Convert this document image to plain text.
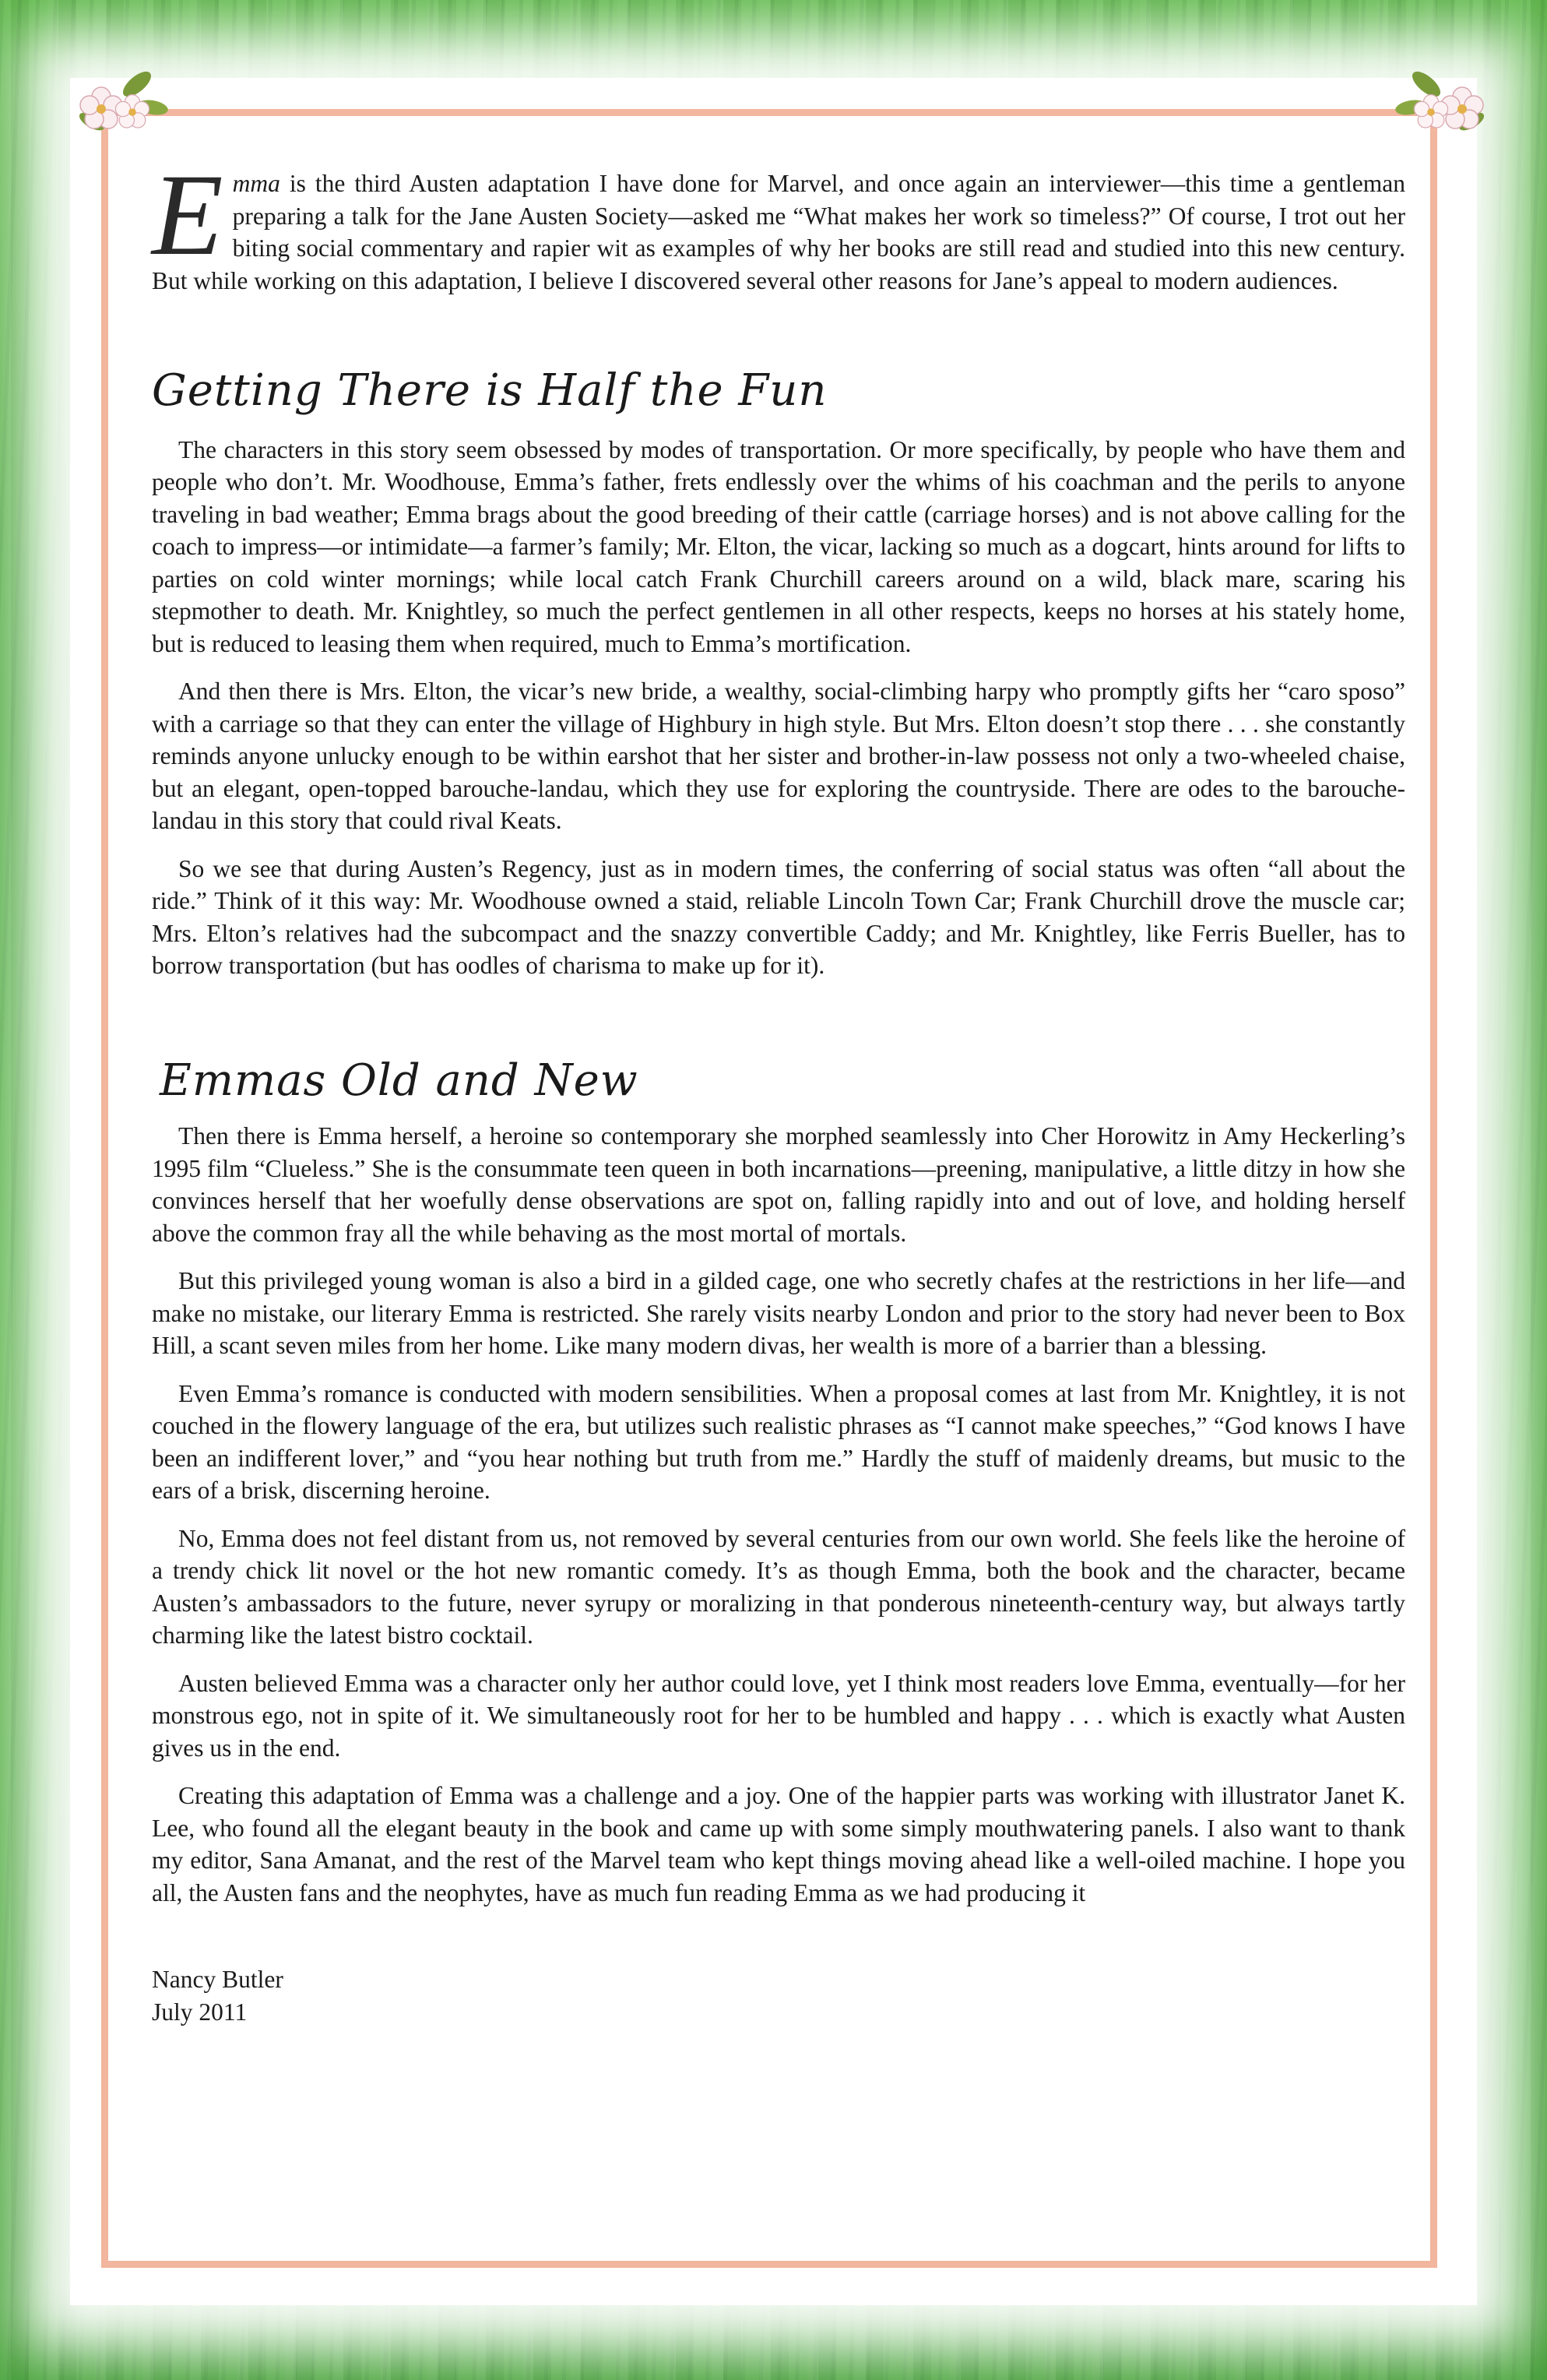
Emma is the third Austen adaptation I have done for Marvel, and once again an interviewer—this time a gentleman preparing a talk for the Jane Austen Society—asked me “What makes her work so timeless?” Of course, I trot out her biting social commentary and rapier wit as examples of why her books are still read and studied into this new century. But while working on this adaptation, I believe I discovered several other reasons for Jane’s appeal to modern audiences.

Getting There is Half the Fun

The characters in this story seem obsessed by modes of transportation. Or more specifically, by people who have them and people who don’t. Mr. Woodhouse, Emma’s father, frets endlessly over the whims of his coachman and the perils to anyone traveling in bad weather; Emma brags about the good breeding of their cattle (carriage horses) and is not above calling for the coach to impress—or intimidate—a farmer’s family; Mr. Elton, the vicar, lacking so much as a dogcart, hints around for lifts to parties on cold winter mornings; while local catch Frank Churchill careers around on a wild, black mare, scaring his stepmother to death. Mr. Knightley, so much the perfect gentlemen in all other respects, keeps no horses at his stately home, but is reduced to leasing them when required, much to Emma’s mortification.

And then there is Mrs. Elton, the vicar’s new bride, a wealthy, social-climbing harpy who promptly gifts her “caro sposo” with a carriage so that they can enter the village of Highbury in high style. But Mrs. Elton doesn’t stop there . . . she constantly reminds anyone unlucky enough to be within earshot that her sister and brother-in-law possess not only a two-wheeled chaise, but an elegant, open-topped barouche-landau, which they use for exploring the countryside. There are odes to the barouche-landau in this story that could rival Keats.

So we see that during Austen’s Regency, just as in modern times, the conferring of social status was often “all about the ride.” Think of it this way: Mr. Woodhouse owned a staid, reliable Lincoln Town Car; Frank Churchill drove the muscle car; Mrs. Elton’s relatives had the subcompact and the snazzy convertible Caddy; and Mr. Knightley, like Ferris Bueller, has to borrow transportation (but has oodles of charisma to make up for it).

Emmas Old and New

Then there is Emma herself, a heroine so contemporary she morphed seamlessly into Cher Horowitz in Amy Heckerling’s 1995 film “Clueless.” She is the consummate teen queen in both incarnations—preening, manipulative, a little ditzy in how she convinces herself that her woefully dense observations are spot on, falling rapidly into and out of love, and holding herself above the common fray all the while behaving as the most mortal of mortals.

But this privileged young woman is also a bird in a gilded cage, one who secretly chafes at the restrictions in her life—and make no mistake, our literary Emma is restricted. She rarely visits nearby London and prior to the story had never been to Box Hill, a scant seven miles from her home. Like many modern divas, her wealth is more of a barrier than a blessing.

Even Emma’s romance is conducted with modern sensibilities. When a proposal comes at last from Mr. Knightley, it is not couched in the flowery language of the era, but utilizes such realistic phrases as “I cannot make speeches,” “God knows I have been an indifferent lover,” and “you hear nothing but truth from me.” Hardly the stuff of maidenly dreams, but music to the ears of a brisk, discerning heroine.

No, Emma does not feel distant from us, not removed by several centuries from our own world. She feels like the heroine of a trendy chick lit novel or the hot new romantic comedy. It’s as though Emma, both the book and the character, became Austen’s ambassadors to the future, never syrupy or moralizing in that ponderous nineteenth-century way, but always tartly charming like the latest bistro cocktail.

Austen believed Emma was a character only her author could love, yet I think most readers love Emma, eventually—for her monstrous ego, not in spite of it. We simultaneously root for her to be humbled and happy . . . which is exactly what Austen gives us in the end.

Creating this adaptation of Emma was a challenge and a joy. One of the happier parts was working with illustrator Janet K. Lee, who found all the elegant beauty in the book and came up with some simply mouthwatering panels. I also want to thank my editor, Sana Amanat, and the rest of the Marvel team who kept things moving ahead like a well-oiled machine. I hope you all, the Austen fans and the neophytes, have as much fun reading Emma as we had producing it

Nancy Butler
July 2011
